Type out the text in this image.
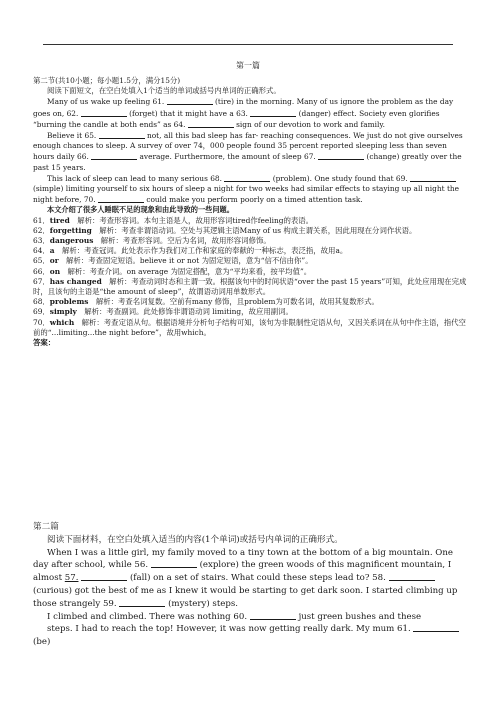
第一篇

第二节(共10小题；每小题1.5分，满分15分)

阅读下面短文，在空白处填入1个适当的单词或括号内单词的正确形式。

Many of us wake up feeling 61.	(tire) in the morning. Many of us ignore the problem as the day goes on, 62.	(forget) that it might have a 63.	(danger) effect. Society even glorifies “burning the candle at both ends” as 64.	sign of our devotion to work and family.

Believe it 65.	not, all this bad sleep has far- reaching consequences. We just do not give ourselves enough chances to sleep. A survey of over 74，000 people found 35 percent reported sleeping less than seven hours daily 66.	average. Furthermore, the amount of sleep 67.	(change) greatly over the past 15 years.

This lack of sleep can lead to many serious 68.	(problem). One study found that 69.  (simple) limiting yourself to six hours of sleep a night for two weeks had similar effects to staying up all night the night before, 70.	could make you perform poorly on a timed attention task.

本文介绍了很多人睡眠不足的现象和由此导致的一些问题。

61．tired　解析：考查形容词。本句主语是人，故用形容词tired作feeling的表语。

62．forgetting　解析：考查非谓语动词。空处与其逻辑主语Many of us 构成主谓关系，因此用现在分词作状语。

63．dangerous　解析：考查形容词。空后为名词，故用形容词修饰。

64．a　解析：考查冠词。此处表示作为我们对工作和家庭的奉献的一种标志，表泛指，故用a。

65．or　解析：考查固定短语。believe it or not 为固定短语，意为“信不信由你”。

66．on　解析：考查介词。on average 为固定搭配，意为“平均来看，按平均值”。

67．has changed　解析：考查动词时态和主谓一致。根据该句中的时间状语“over the past 15 years”可知，此处应用现在完成时，且该句的主语是“the amount of sleep”，故谓语动词用单数形式。

68．problems　解析：考查名词复数。空前有many 修饰，且problem为可数名词，故用其复数形式。

69．simply　解析：考查副词。此处修饰非谓语动词 limiting，故应用副词。

70．which　解析：考查定语从句。根据语境并分析句子结构可知，该句为非限制性定语从句，又因关系词在从句中作主语，指代空前的“...limiting...the night before”，故用which。

答案：

第二篇

阅读下面材料，在空白处填入适当的内容(1个单词)或括号内单词的正确形式。

When I was a little girl, my family moved to a tiny town at the bottom of a big mountain. One day after school, while 56.	(explore) the green woods of this magnificent mountain, I almost 57.	(fall) on a set of stairs. What could these steps lead to? 58.  (curious) got the best of me as I knew it would be starting to get dark soon. I started climbing up those strangely 59.	(mystery) steps.

I climbed and climbed. There was nothing 60.	just green bushes and these

steps. I had to reach the top! However, it was now getting really dark. My mum 61.  (be)
